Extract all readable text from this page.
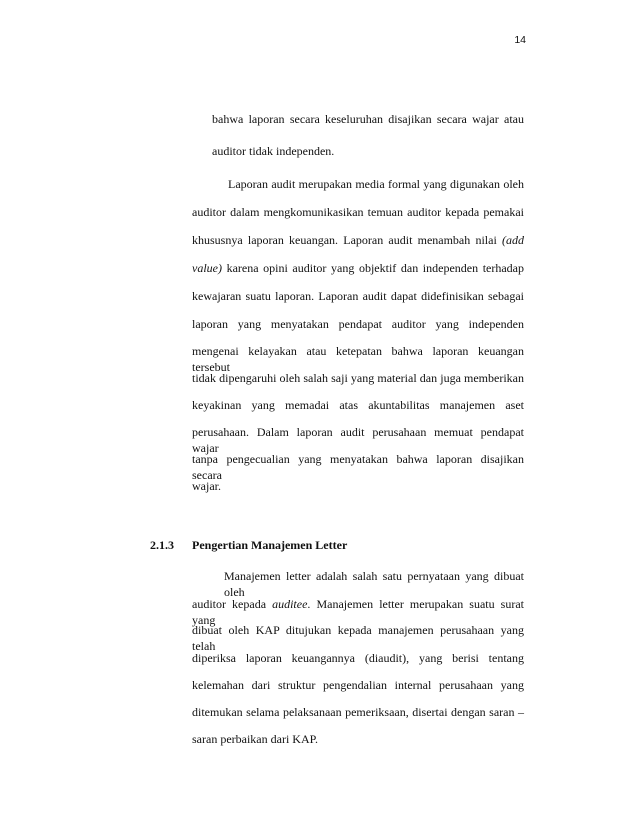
14
bahwa laporan secara keseluruhan disajikan secara wajar atau
auditor tidak independen.
Laporan audit merupakan media formal yang digunakan oleh
auditor dalam mengkomunikasikan temuan auditor kepada pemakai
khususnya laporan keuangan. Laporan audit menambah nilai (add
value) karena opini auditor yang objektif dan independen terhadap
kewajaran suatu laporan. Laporan audit dapat didefinisikan sebagai
laporan yang menyatakan pendapat auditor yang independen
mengenai kelayakan atau ketepatan bahwa laporan keuangan tersebut
tidak dipengaruhi oleh salah saji yang material dan juga memberikan
keyakinan yang memadai atas akuntabilitas manajemen aset
perusahaan. Dalam laporan audit perusahaan memuat pendapat wajar
tanpa pengecualian yang menyatakan bahwa laporan disajikan secara
wajar.
2.1.3 Pengertian Manajemen Letter
Manajemen letter adalah salah satu pernyataan yang dibuat oleh
auditor kepada auditee. Manajemen letter merupakan suatu surat yang
dibuat oleh KAP ditujukan kepada manajemen perusahaan yang telah
diperiksa laporan keuangannya (diaudit), yang berisi tentang
kelemahan dari struktur pengendalian internal perusahaan yang
ditemukan selama pelaksanaan pemeriksaan, disertai dengan saran –
saran perbaikan dari KAP.
